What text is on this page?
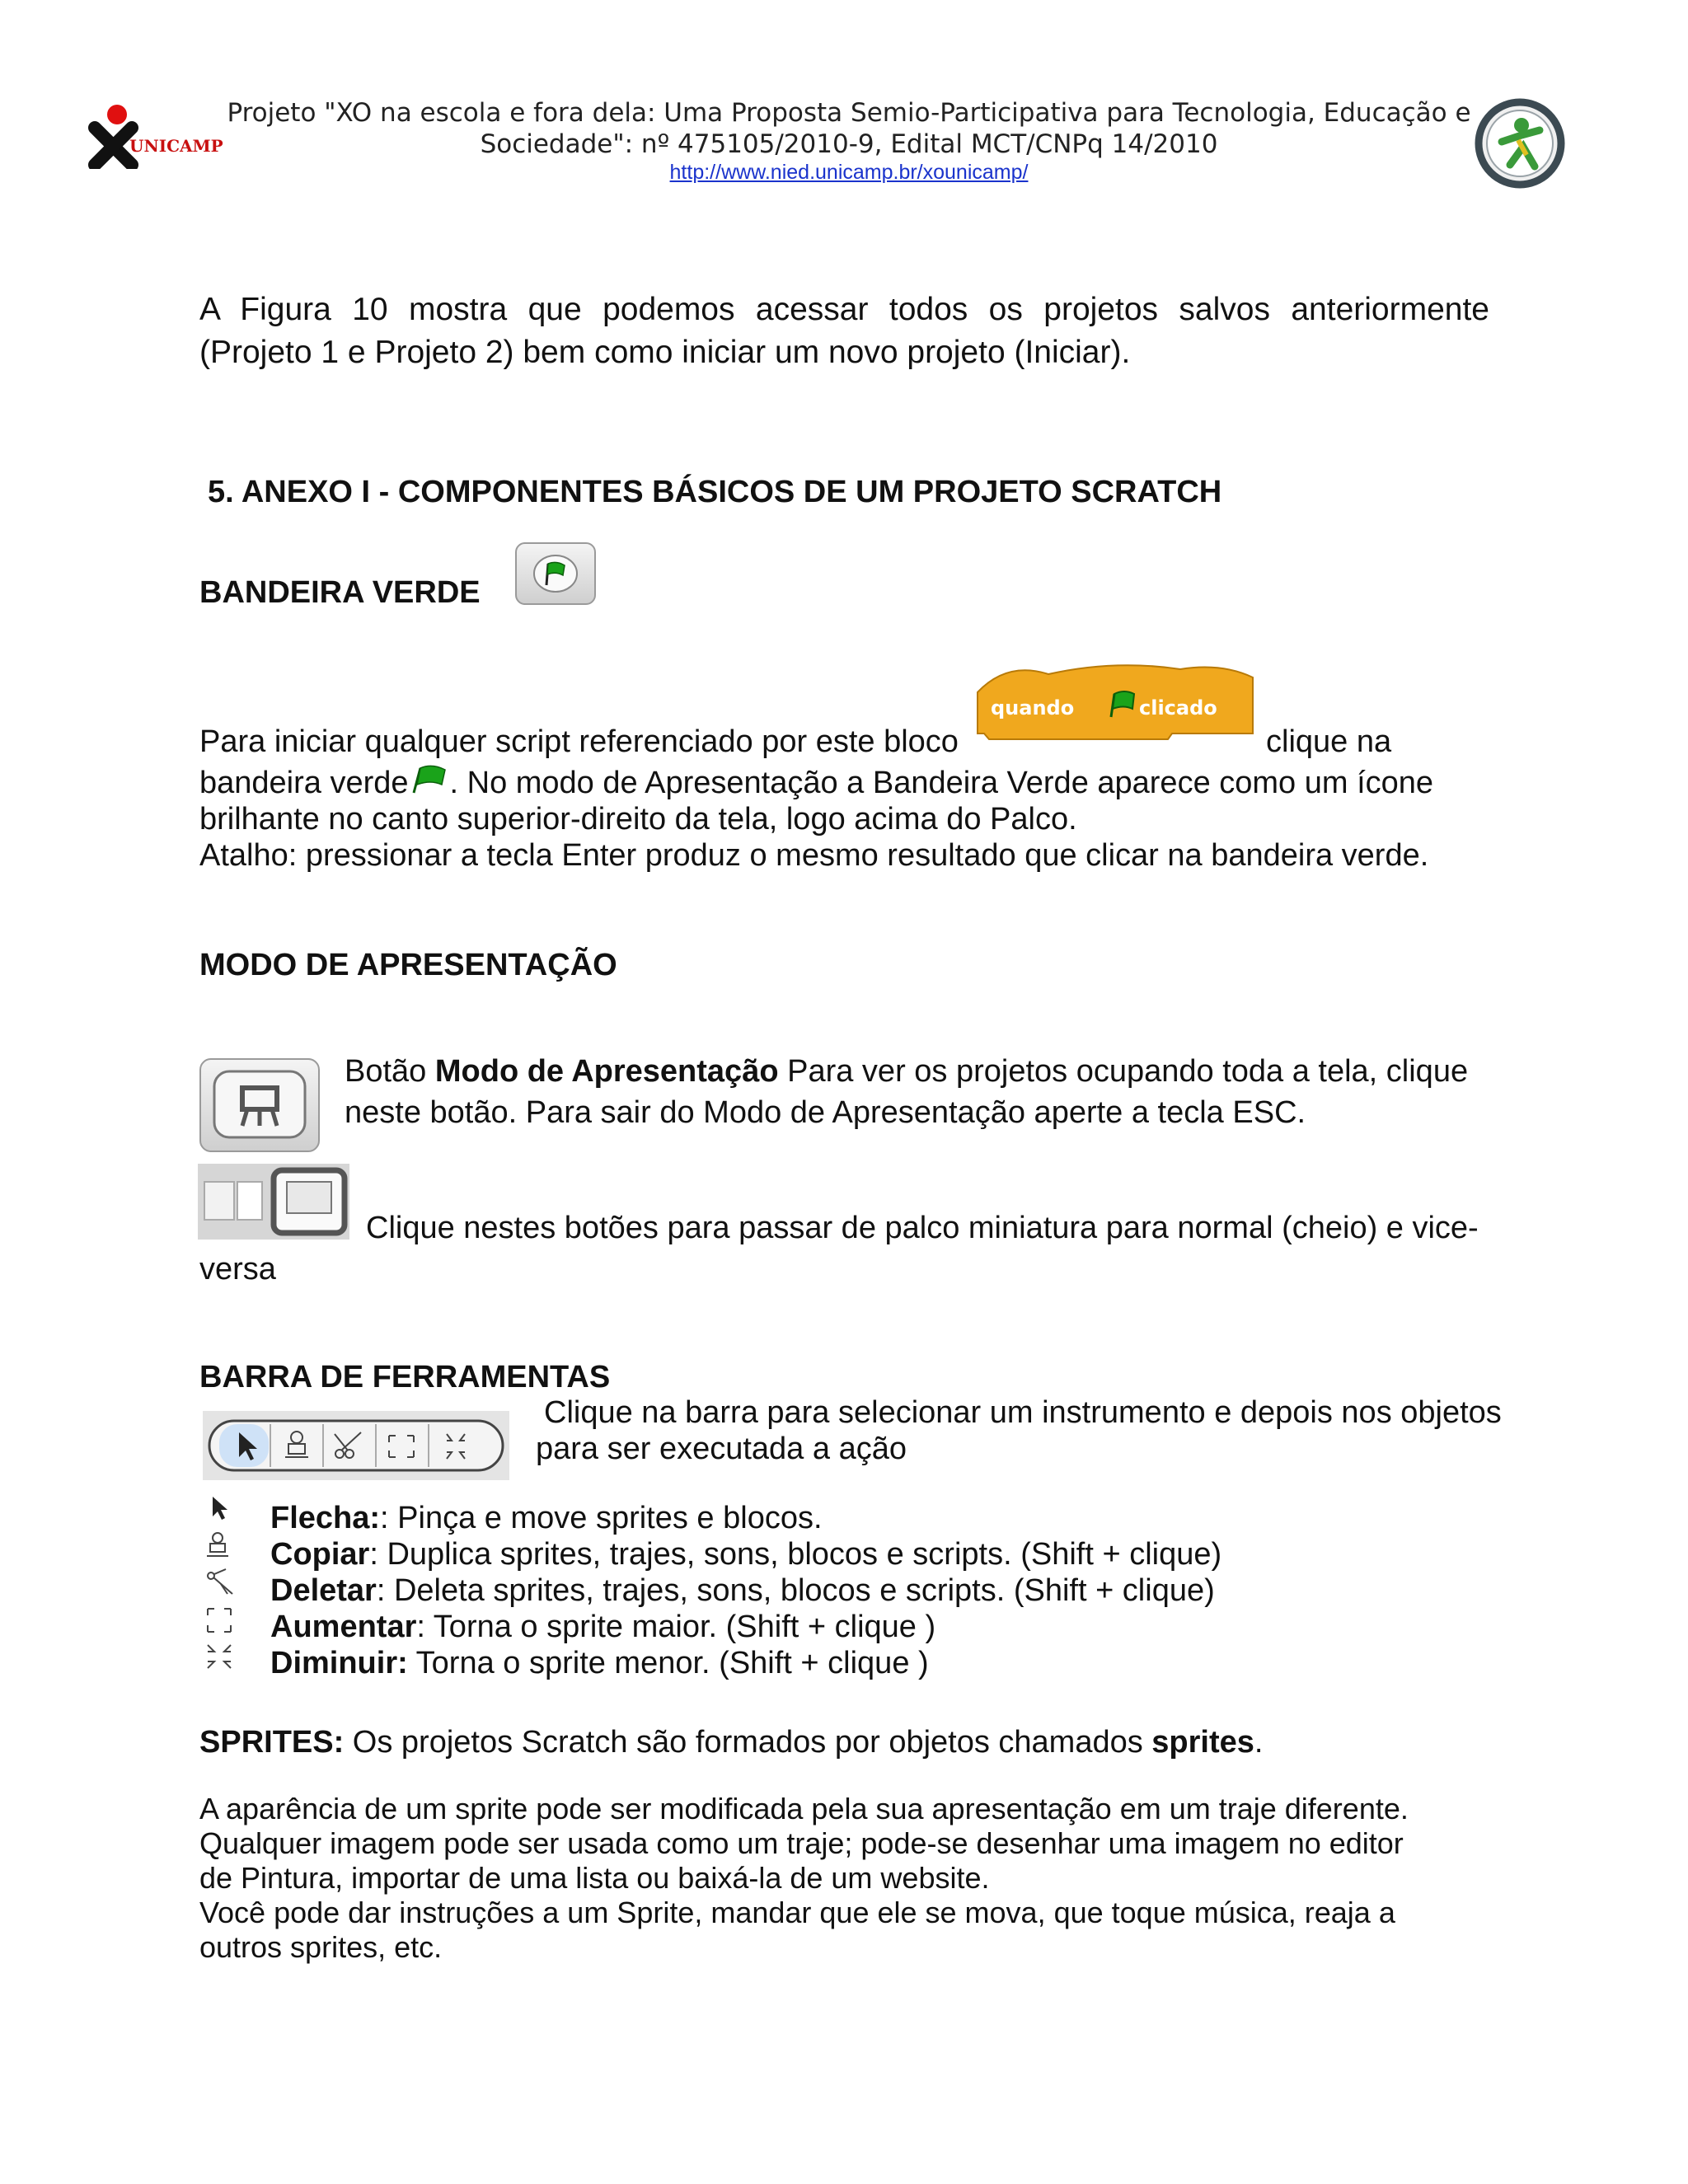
UNICAMP
Projeto "XO na escola e fora dela: Uma Proposta Semio-Participativa para Tecnologia, Educação e
Sociedade": nº 475105/2010-9, Edital MCT/CNPq 14/2010
http://www.nied.unicamp.br/xounicamp/
A Figura 10 mostra que podemos acessar todos os projetos salvos anteriormente
(Projeto 1 e Projeto 2) bem como iniciar um novo projeto (Iniciar).
5. ANEXO I - COMPONENTES BÁSICOS DE UM PROJETO SCRATCH
BANDEIRA VERDE
Para iniciar qualquer script referenciado por este bloco
quando	clicado
clique na
bandeira verde . No modo de Apresentação a Bandeira Verde aparece como um ícone
brilhante no canto superior-direito da tela, logo acima do Palco.
Atalho: pressionar a tecla Enter produz o mesmo resultado que clicar na bandeira verde.
MODO DE APRESENTAÇÃO
Botão Modo de Apresentação Para ver os projetos ocupando toda a tela, clique
neste botão. Para sair do Modo de Apresentação aperte a tecla ESC.
Clique nestes botões para passar de palco miniatura para normal (cheio) e vice-
versa
BARRA DE FERRAMENTAS
Clique na barra para selecionar um instrumento e depois nos objetos
para ser executada a ação
Flecha:: Pinça e move sprites e blocos.
Copiar: Duplica sprites, trajes, sons, blocos e scripts. (Shift + clique)
Deletar: Deleta sprites, trajes, sons, blocos e scripts. (Shift + clique)
Aumentar: Torna o sprite maior. (Shift + clique )
Diminuir: Torna o sprite menor. (Shift + clique )
SPRITES: Os projetos Scratch são formados por objetos chamados sprites.
A aparência de um sprite pode ser modificada pela sua apresentação em um traje diferente.
Qualquer imagem pode ser usada como um traje; pode-se desenhar uma imagem no editor
de Pintura, importar de uma lista ou baixá-la de um website.
Você pode dar instruções a um Sprite, mandar que ele se mova, que toque música, reaja a
outros sprites, etc.
